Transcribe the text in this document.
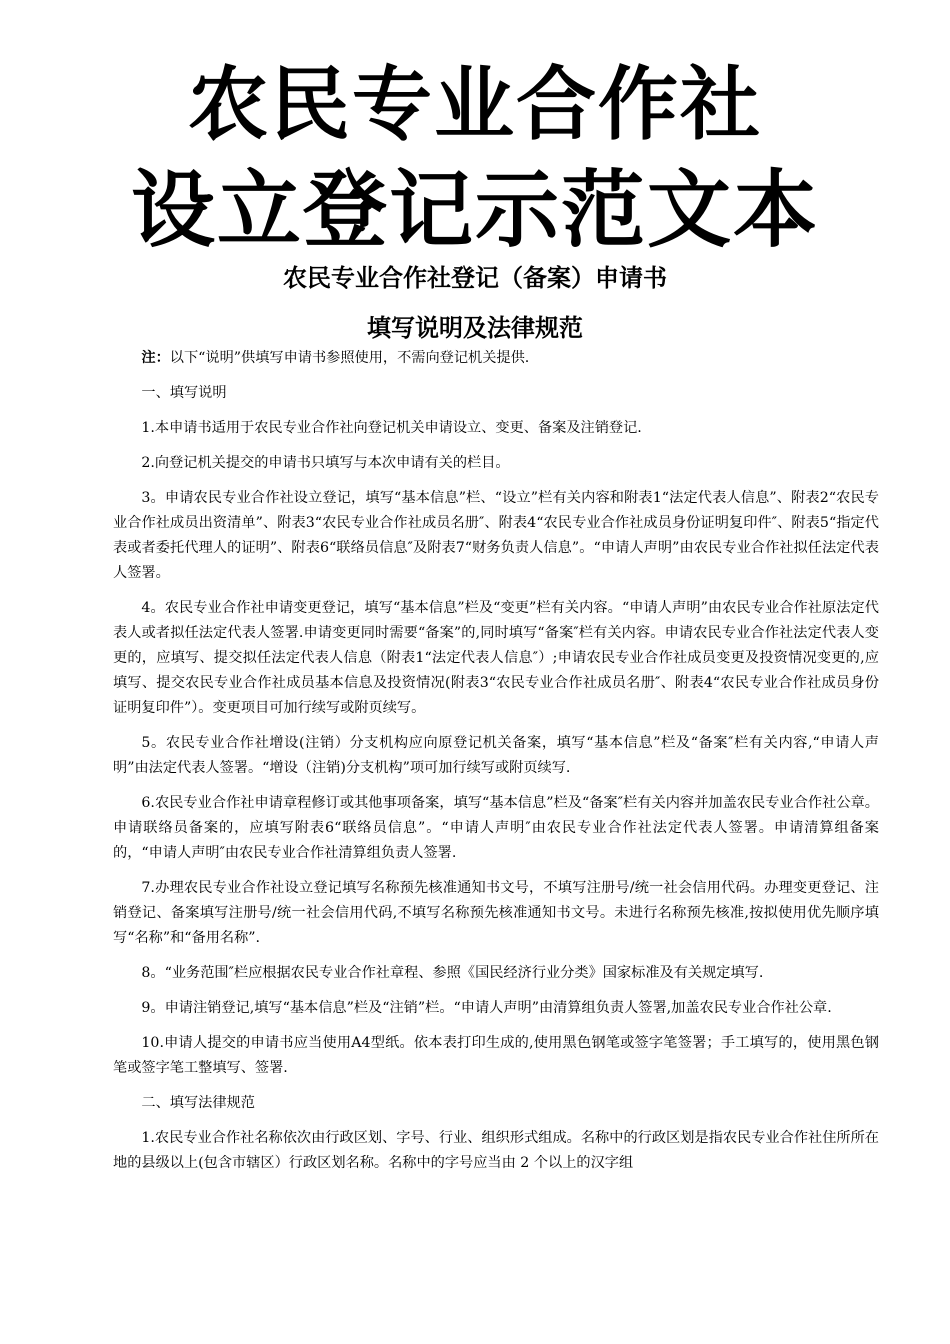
农民专业合作社
设立登记示范文本
农民专业合作社登记（备案）申请书
填写说明及法律规范

注：以下“说明”供填写申请书参照使用，不需向登记机关提供.

一、填写说明

1.本申请书适用于农民专业合作社向登记机关申请设立、变更、备案及注销登记.

2.向登记机关提交的申请书只填写与本次申请有关的栏目。

3。申请农民专业合作社设立登记，填写“基本信息”栏、“设立”栏有关内容和附表1“法定代表人信息”、附表2“农民专业合作社成员出资清单”、附表3“农民专业合作社成员名册″、附表4“农民专业合作社成员身份证明复印件″、附表5“指定代表或者委托代理人的证明”、附表6“联络员信息″及附表7“财务负责人信息”。“申请人声明”由农民专业合作社拟任法定代表人签署。

4。农民专业合作社申请变更登记，填写“基本信息”栏及“变更”栏有关内容。“申请人声明”由农民专业合作社原法定代表人或者拟任法定代表人签署.申请变更同时需要“备案”的,同时填写“备案″栏有关内容。申请农民专业合作社法定代表人变更的，应填写、提交拟任法定代表人信息（附表1“法定代表人信息″）;申请农民专业合作社成员变更及投资情况变更的,应填写、提交农民专业合作社成员基本信息及投资情况(附表3“农民专业合作社成员名册″、附表4“农民专业合作社成员身份证明复印件”）。变更项目可加行续写或附页续写。

5。农民专业合作社增设(注销）分支机构应向原登记机关备案，填写“基本信息”栏及“备案″栏有关内容,“申请人声明”由法定代表人签署。“增设（注销)分支机构”项可加行续写或附页续写.

6.农民专业合作社申请章程修订或其他事项备案，填写“基本信息”栏及“备案″栏有关内容并加盖农民专业合作社公章。申请联络员备案的，应填写附表6“联络员信息”。“申请人声明″由农民专业合作社法定代表人签署。申请清算组备案的，“申请人声明″由农民专业合作社清算组负责人签署.

7.办理农民专业合作社设立登记填写名称预先核准通知书文号，不填写注册号/统一社会信用代码。办理变更登记、注销登记、备案填写注册号/统一社会信用代码,不填写名称预先核准通知书文号。未进行名称预先核准,按拟使用优先顺序填写“名称”和“备用名称”.

8。“业务范围″栏应根据农民专业合作社章程、参照《国民经济行业分类》国家标准及有关规定填写.

9。申请注销登记,填写“基本信息”栏及“注销”栏。“申请人声明”由清算组负责人签署,加盖农民专业合作社公章.

10.申请人提交的申请书应当使用A4型纸。依本表打印生成的,使用黑色钢笔或签字笔签署；手工填写的，使用黑色钢笔或签字笔工整填写、签署.

二、填写法律规范

1.农民专业合作社名称依次由行政区划、字号、行业、组织形式组成。名称中的行政区划是指农民专业合作社住所所在地的县级以上(包含市辖区）行政区划名称。名称中的字号应当由 2 个以上的汉字组
